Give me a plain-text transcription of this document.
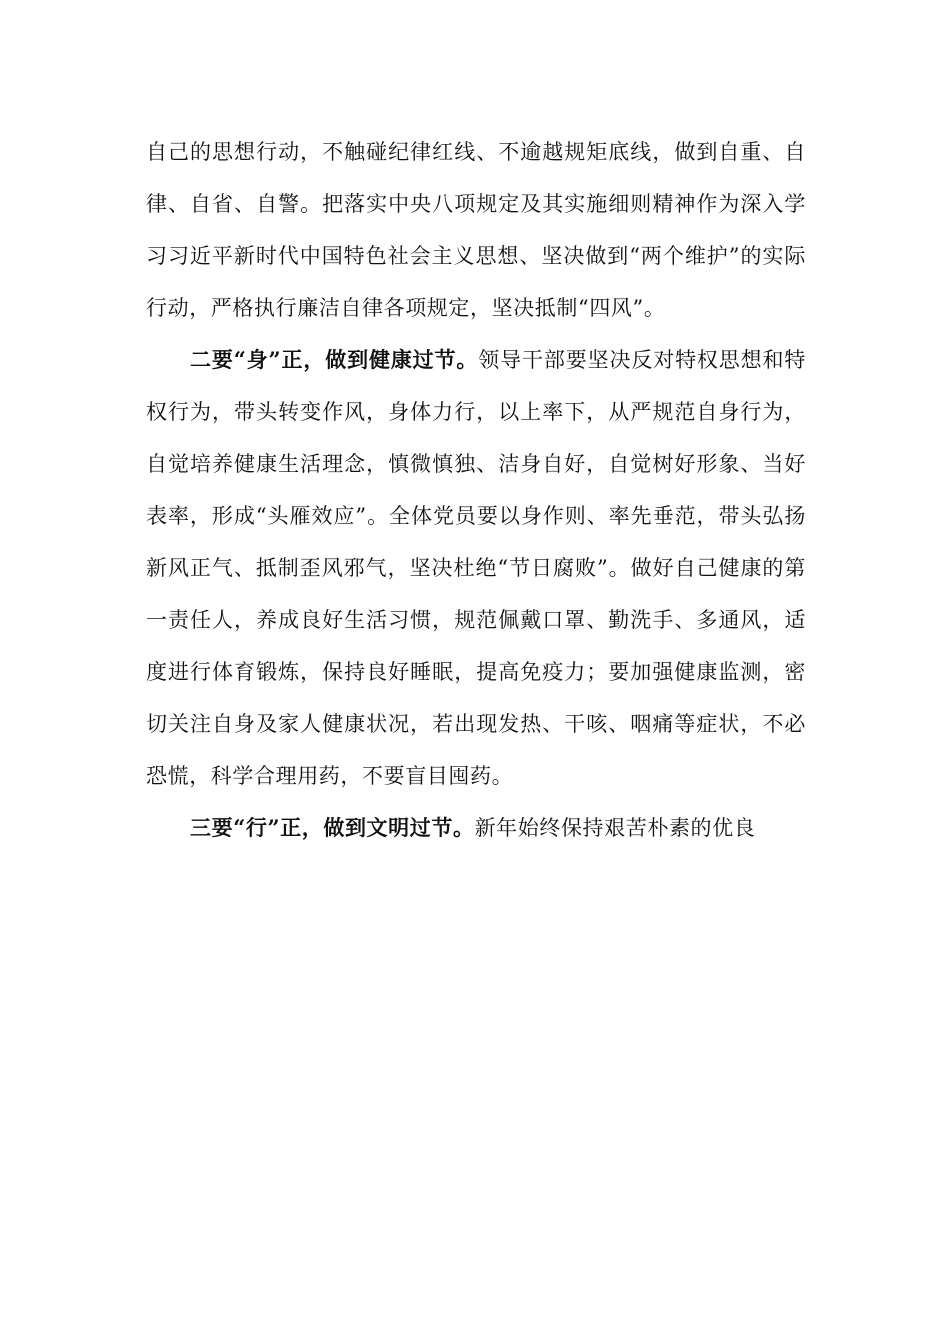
自己的思想行动，不触碰纪律红线、不逾越规矩底线，做到自重、自律、自省、自警。把落实中央八项规定及其实施细则精神作为深入学习习近平新时代中国特色社会主义思想、坚决做到“两个维护”的实际行动，严格执行廉洁自律各项规定，坚决抵制“四风”。

二要“身”正，做到健康过节。领导干部要坚决反对特权思想和特权行为，带头转变作风，身体力行，以上率下，从严规范自身行为，自觉培养健康生活理念，慎微慎独、洁身自好，自觉树好形象、当好表率，形成“头雁效应”。全体党员要以身作则、率先垂范，带头弘扬新风正气、抵制歪风邪气，坚决杜绝“节日腐败”。做好自己健康的第一责任人，养成良好生活习惯，规范佩戴口罩、勤洗手、多通风，适度进行体育锻炼，保持良好睡眠，提高免疫力；要加强健康监测，密切关注自身及家人健康状况，若出现发热、干咳、咽痛等症状，不必恐慌，科学合理用药，不要盲目囤药。

三要“行”正，做到文明过节。新年始终保持艰苦朴素的优良
